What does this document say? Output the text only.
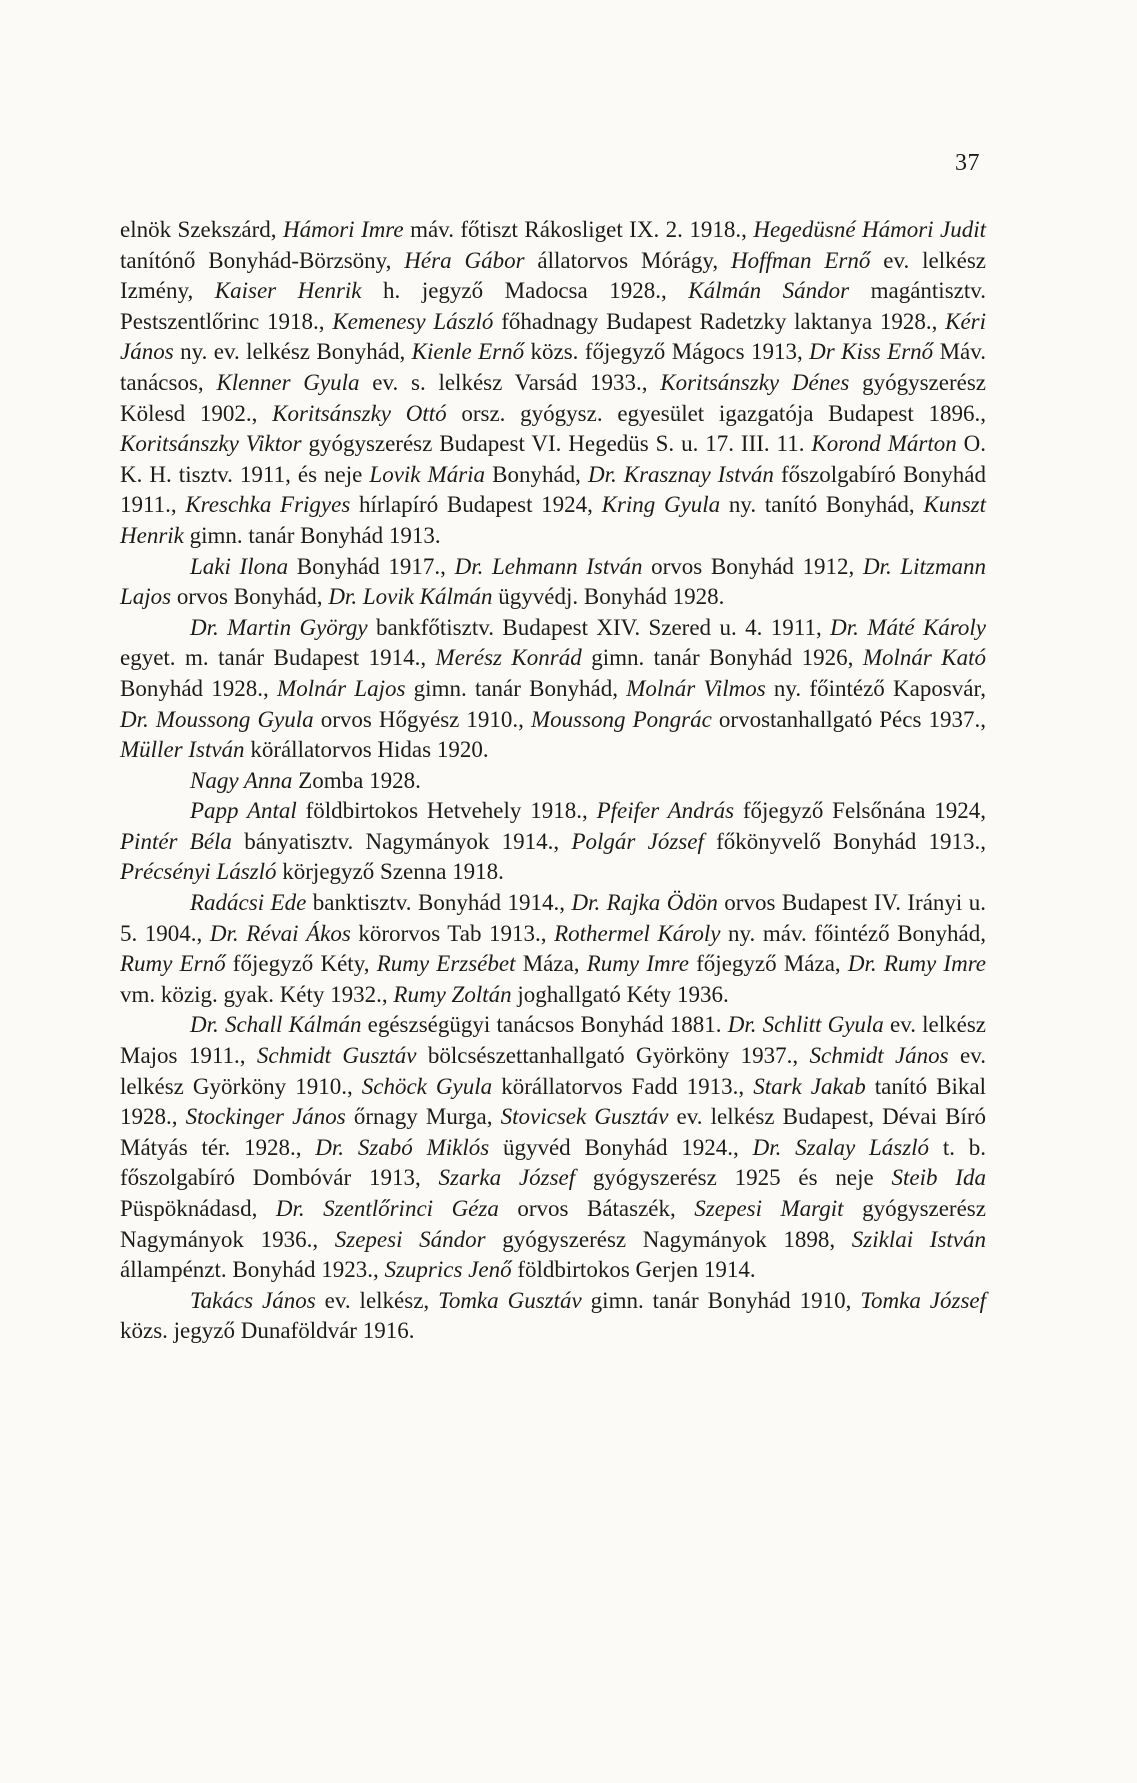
37

elnök Szekszárd, Hámori Imre máv. főtiszt Rákosliget IX. 2. 1918., Hegedüsné Hámori Judit tanítónő Bonyhád-Börzsöny, Héra Gábor állatorvos Mórágy, Hoffman Ernő ev. lelkész Izmény, Kaiser Henrik h. jegyző Madocsa 1928., Kálmán Sándor magántisztv. Pestszentlőrinc 1918., Kemenesy László főhadnagy Budapest Radetzky laktanya 1928., Kéri János ny. ev. lelkész Bonyhád, Kienle Ernő közs. főjegyző Mágocs 1913, Dr Kiss Ernő Máv. tanácsos, Klenner Gyula ev. s. lelkész Varsád 1933., Koritsánszky Dénes gyógyszerész Kölesd 1902., Koritsánszky Ottó orsz. gyógysz. egyesület igazgatója Budapest 1896., Koritsánszky Viktor gyógyszerész Budapest VI. Hegedüs S. u. 17. III. 11. Korond Márton O. K. H. tisztv. 1911, és neje Lovik Mária Bonyhád, Dr. Krasznay István főszolgabíró Bonyhád 1911., Kreschka Frigyes hírlapíró Budapest 1924, Kring Gyula ny. tanító Bonyhád, Kunszt Henrik gimn. tanár Bonyhád 1913.

Laki Ilona Bonyhád 1917., Dr. Lehmann István orvos Bonyhád 1912, Dr. Litzmann Lajos orvos Bonyhád, Dr. Lovik Kálmán ügyvédj. Bonyhád 1928.

Dr. Martin György bankfőtisztv. Budapest XIV. Szered u. 4. 1911, Dr. Máté Károly egyet. m. tanár Budapest 1914., Merész Konrád gimn. tanár Bonyhád 1926, Molnár Kató Bonyhád 1928., Molnár Lajos gimn. tanár Bonyhád, Molnár Vilmos ny. főintéző Kaposvár, Dr. Moussong Gyula orvos Hőgyész 1910., Moussong Pongrác orvostanhallgató Pécs 1937., Müller István körállatorvos Hidas 1920.

Nagy Anna Zomba 1928.

Papp Antal földbirtokos Hetvehely 1918., Pfeifer András főjegyző Felsőnána 1924, Pintér Béla bányatisztv. Nagymányok 1914., Polgár József főkönyvelő Bonyhád 1913., Précsényi László körjegyző Szenna 1918.

Radácsi Ede banktisztv. Bonyhád 1914., Dr. Rajka Ödön orvos Budapest IV. Irányi u. 5. 1904., Dr. Révai Ákos körorvos Tab 1913., Rothermel Károly ny. máv. főintéző Bonyhád, Rumy Ernő főjegyző Kéty, Rumy Erzsébet Máza, Rumy Imre főjegyző Máza, Dr. Rumy Imre vm. közig. gyak. Kéty 1932., Rumy Zoltán joghallgató Kéty 1936.

Dr. Schall Kálmán egészségügyi tanácsos Bonyhád 1881. Dr. Schlitt Gyula ev. lelkész Majos 1911., Schmidt Gusztáv bölcsészettanhallgató Györköny 1937., Schmidt János ev. lelkész Györköny 1910., Schöck Gyula körállatorvos Fadd 1913., Stark Jakab tanító Bikal 1928., Stockinger János őrnagy Murga, Stovicsek Gusztáv ev. lelkész Budapest, Dévai Bíró Mátyás tér. 1928., Dr. Szabó Miklós ügyvéd Bonyhád 1924., Dr. Szalay László t. b. főszolgabíró Dombóvár 1913, Szarka József gyógyszerész 1925 és neje Steib Ida Püspöknádasd, Dr. Szentlőrinci Géza orvos Bátaszék, Szepesi Margit gyógyszerész Nagymányok 1936., Szepesi Sándor gyógyszerész Nagymányok 1898, Sziklai István állampénzt. Bonyhád 1923., Szuprics Jenő földbirtokos Gerjen 1914.

Takács János ev. lelkész, Tomka Gusztáv gimn. tanár Bonyhád 1910, Tomka József közs. jegyző Dunaföldvár 1916.
